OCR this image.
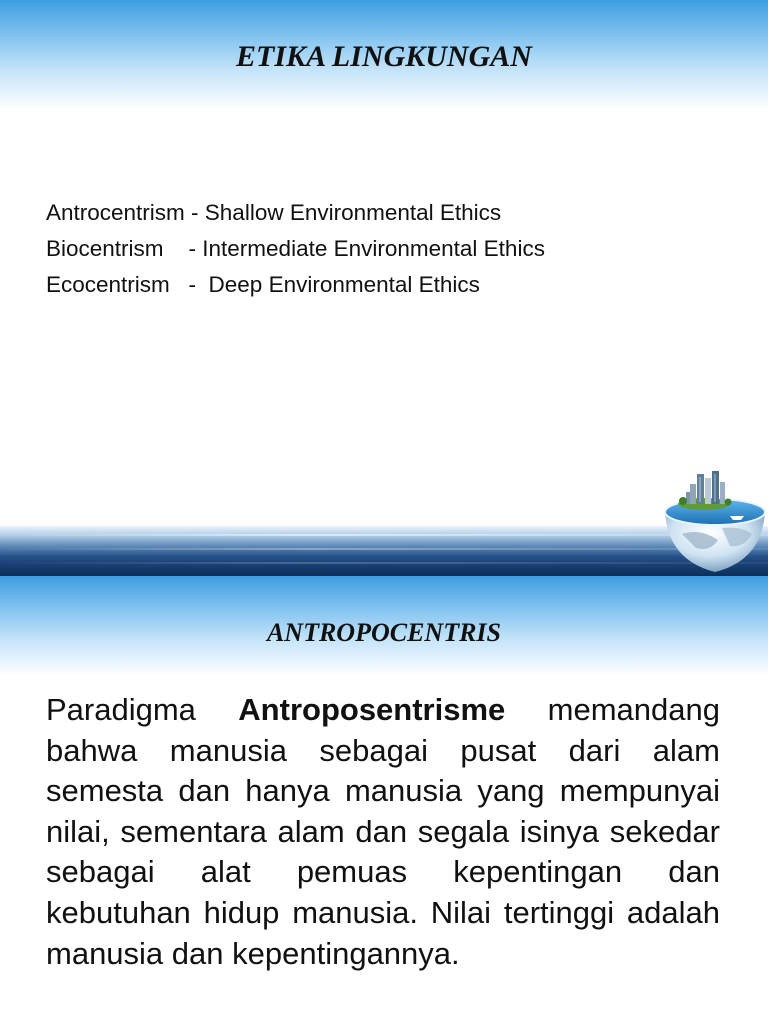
ETIKA LINGKUNGAN
Antrocentrism - Shallow Environmental Ethics
Biocentrism    - Intermediate Environmental Ethics
Ecocentrism   -  Deep Environmental Ethics
ANTROPOCENTRIS

Paradigma Antroposentrisme memandang bahwa manusia sebagai pusat dari alam semesta dan hanya manusia yang mempunyai nilai, sementara alam dan segala isinya sekedar sebagai alat pemuas kepentingan dan kebutuhan hidup manusia. Nilai tertinggi adalah manusia dan kepentingannya.
